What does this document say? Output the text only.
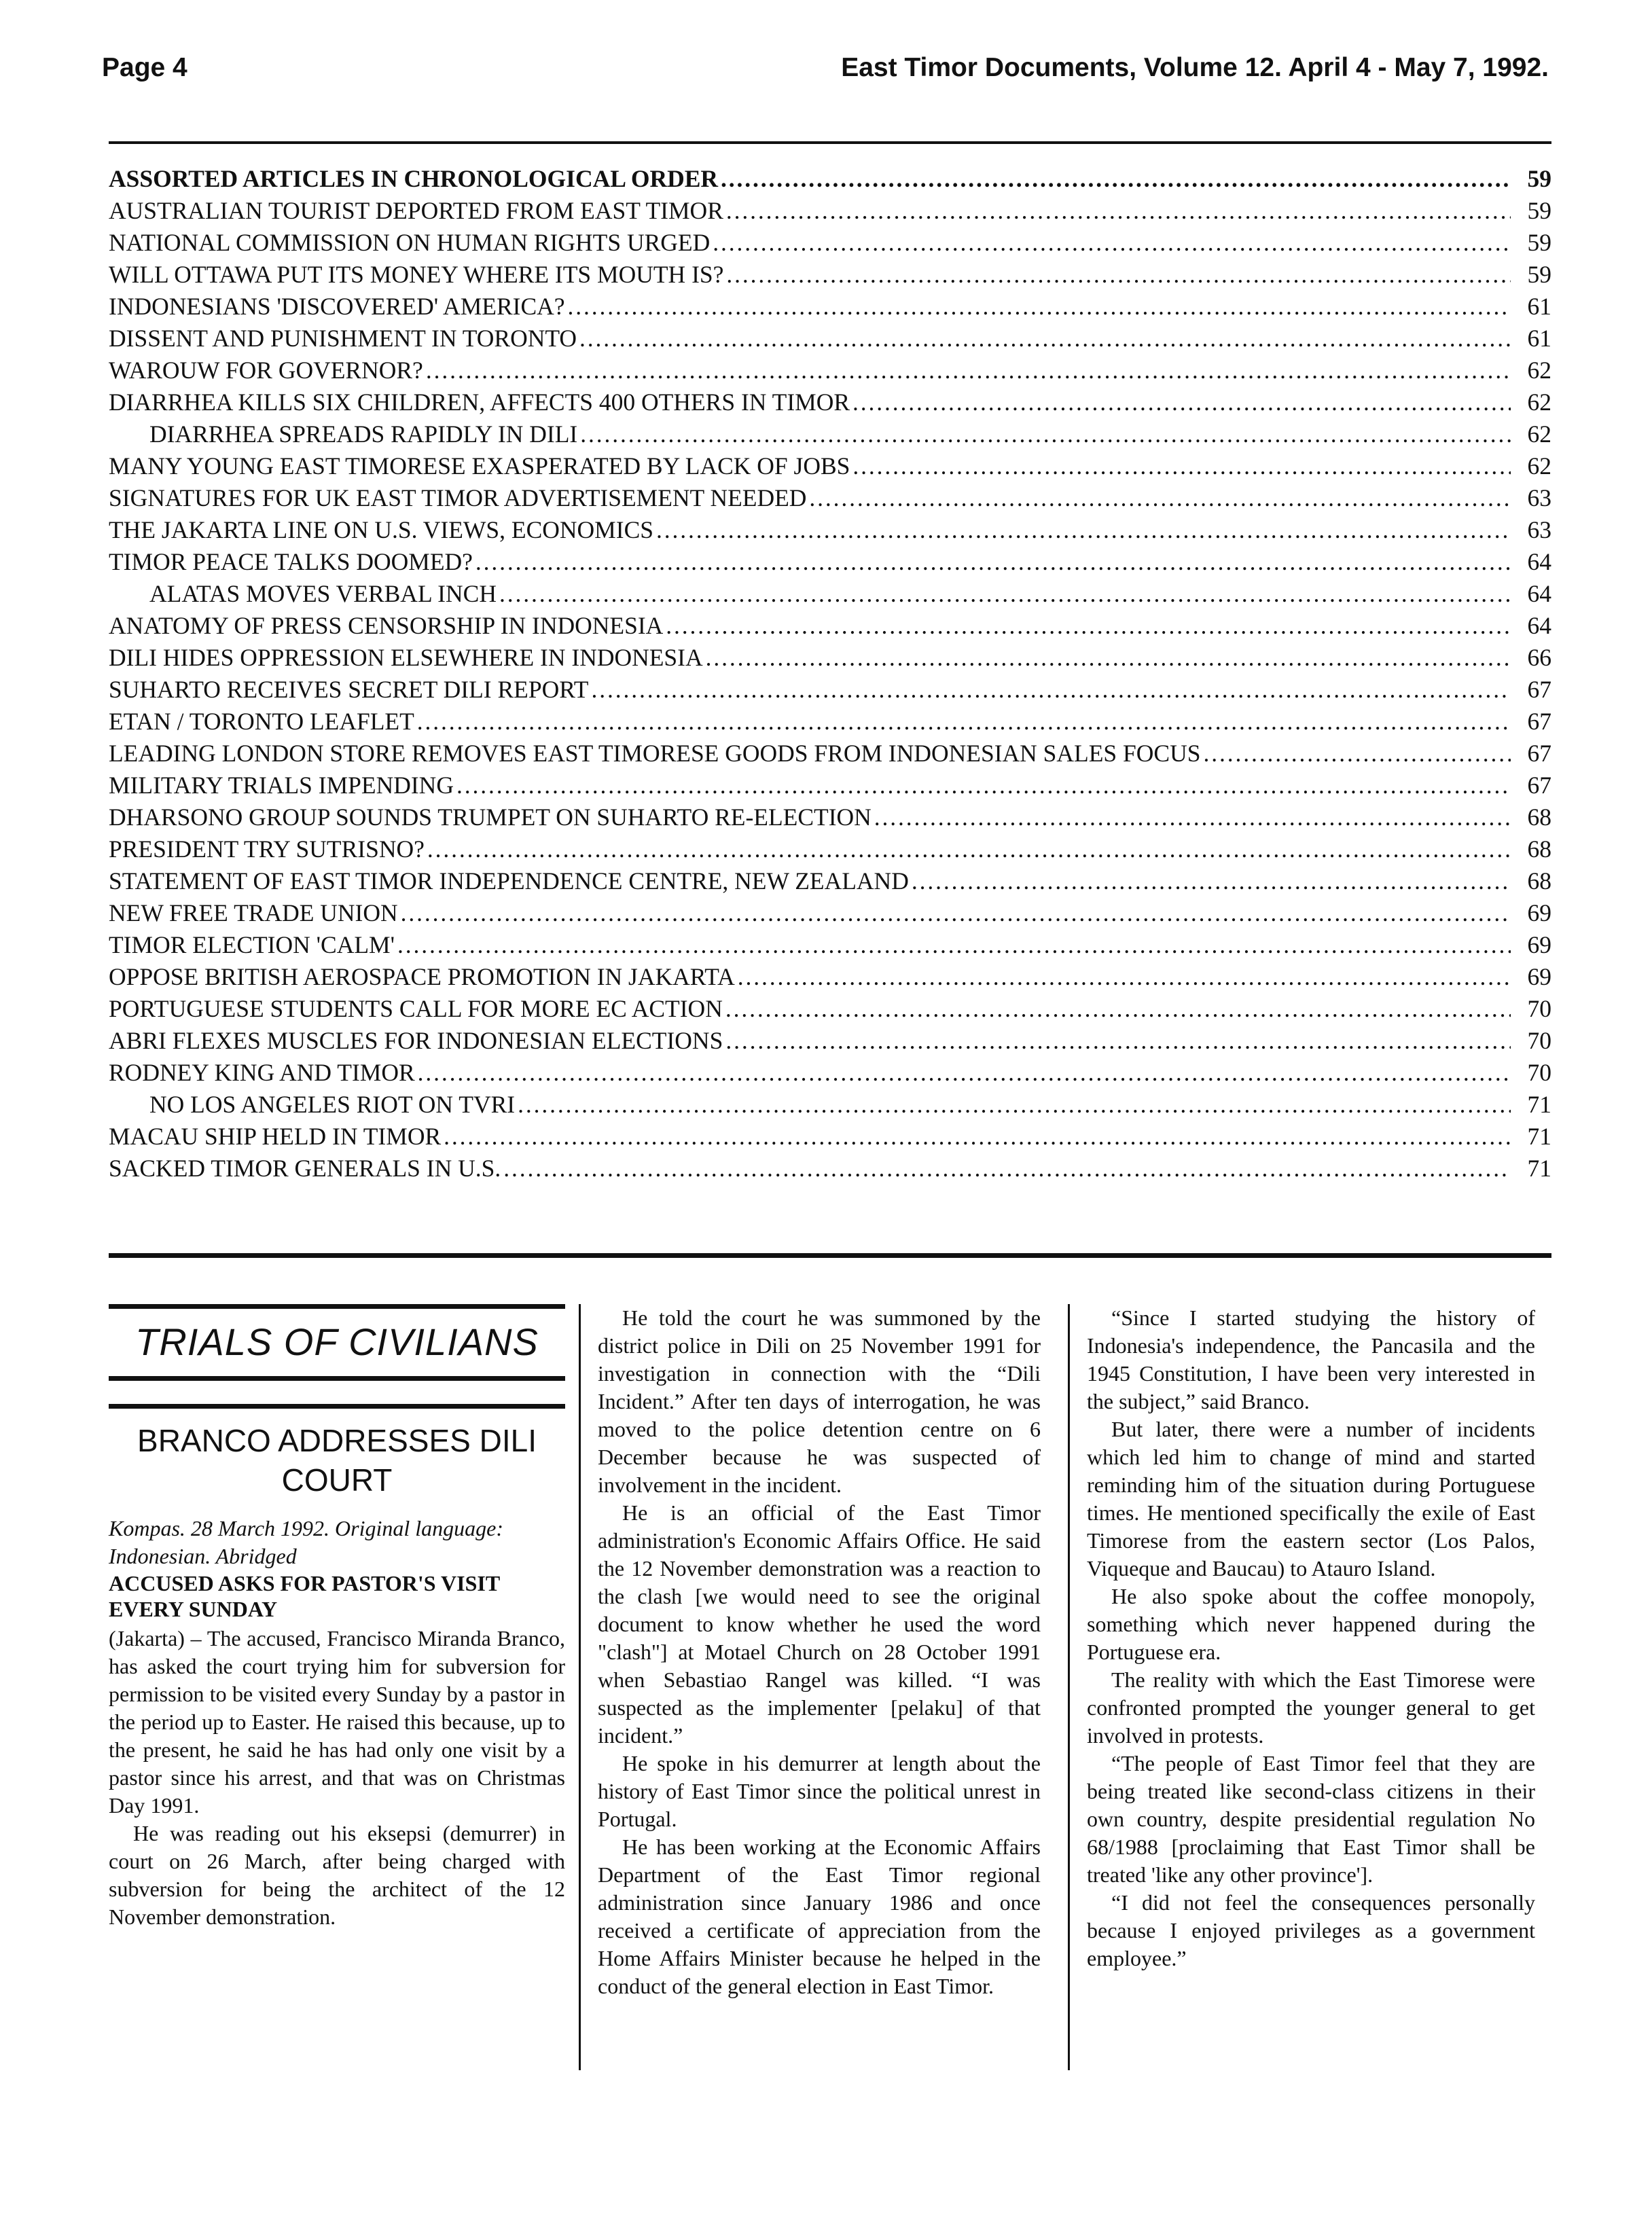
Page 4	East Timor Documents, Volume 12. April 4 - May 7, 1992.
ASSORTED ARTICLES IN CHRONOLOGICAL ORDER . . .	59
AUSTRALIAN TOURIST DEPORTED FROM EAST TIMOR . . .	59
NATIONAL COMMISSION ON HUMAN RIGHTS URGED . . .	59
WILL OTTAWA PUT ITS MONEY WHERE ITS MOUTH IS? . . .	59
INDONESIANS 'DISCOVERED' AMERICA? . . .	61
DISSENT AND PUNISHMENT IN TORONTO . . .	61
WAROUW FOR GOVERNOR? . . .	62
DIARRHEA KILLS SIX CHILDREN, AFFECTS 400 OTHERS IN TIMOR . . .	62
DIARRHEA SPREADS RAPIDLY IN DILI . . .	62
MANY YOUNG EAST TIMORESE EXASPERATED BY LACK OF JOBS . . .	62
SIGNATURES FOR UK EAST TIMOR ADVERTISEMENT NEEDED . . .	63
THE JAKARTA LINE ON U.S. VIEWS, ECONOMICS . . .	63
TIMOR PEACE TALKS DOOMED? . . .	64
ALATAS MOVES VERBAL INCH . . .	64
ANATOMY OF PRESS CENSORSHIP IN INDONESIA . . .	64
DILI HIDES OPPRESSION ELSEWHERE IN INDONESIA . . .	66
SUHARTO RECEIVES SECRET DILI REPORT . . .	67
ETAN / TORONTO LEAFLET . . .	67
LEADING LONDON STORE REMOVES EAST TIMORESE GOODS FROM INDONESIAN SALES FOCUS . . .	67
MILITARY TRIALS IMPENDING . . .	67
DHARSONO GROUP SOUNDS TRUMPET ON SUHARTO RE-ELECTION . . .	68
PRESIDENT TRY SUTRISNO? . . .	68
STATEMENT OF EAST TIMOR INDEPENDENCE CENTRE, NEW ZEALAND . . .	68
NEW FREE TRADE UNION . . .	69
TIMOR ELECTION 'CALM' . . .	69
OPPOSE BRITISH AEROSPACE PROMOTION IN JAKARTA . . .	69
PORTUGUESE STUDENTS CALL FOR MORE EC ACTION . . .	70
ABRI FLEXES MUSCLES FOR INDONESIAN ELECTIONS . . .	70
RODNEY KING AND TIMOR . . .	70
NO LOS ANGELES RIOT ON TVRI . . .	71
MACAU SHIP HELD IN TIMOR . . .	71
SACKED TIMOR GENERALS IN U.S. . . .	71
TRIALS OF CIVILIANS
BRANCO ADDRESSES DILI COURT

Kompas. 28 March 1992. Original language: Indonesian. Abridged

ACCUSED ASKS FOR PASTOR'S VISIT EVERY SUNDAY

(Jakarta) – The accused, Francisco Miranda Branco, has asked the court trying him for subversion for permission to be visited every Sunday by a pastor in the period up to Easter. He raised this because, up to the present, he said he has had only one visit by a pastor since his arrest, and that was on Christmas Day 1991.

He was reading out his eksepsi (demurrer) in court on 26 March, after being charged with subversion for being the architect of the 12 November demonstration.

He told the court he was summoned by the district police in Dili on 25 November 1991 for investigation in connection with the “Dili Incident.” After ten days of interrogation, he was moved to the police detention centre on 6 December because he was suspected of involvement in the incident.

He is an official of the East Timor administration's Economic Affairs Office. He said the 12 November demonstration was a reaction to the clash [we would need to see the original document to know whether he used the word "clash"] at Motael Church on 28 October 1991 when Sebastiao Rangel was killed. “I was suspected as the implementer [pelaku] of that incident.”

He spoke in his demurrer at length about the history of East Timor since the political unrest in Portugal.

He has been working at the Economic Affairs Department of the East Timor regional administration since January 1986 and once received a certificate of appreciation from the Home Affairs Minister because he helped in the conduct of the general election in East Timor.

“Since I started studying the history of Indonesia's independence, the Pancasila and the 1945 Constitution, I have been very interested in the subject,” said Branco.

But later, there were a number of incidents which led him to change of mind and started reminding him of the situation during Portuguese times. He mentioned specifically the exile of East Timorese from the eastern sector (Los Palos, Viqueque and Baucau) to Atauro Island.

He also spoke about the coffee monopoly, something which never happened during the Portuguese era.

The reality with which the East Timorese were confronted prompted the younger general to get involved in protests.

“The people of East Timor feel that they are being treated like second-class citizens in their own country, despite presidential regulation No 68/1988 [proclaiming that East Timor shall be treated 'like any other province'].

“I did not feel the consequences personally because I enjoyed privileges as a government employee.”
